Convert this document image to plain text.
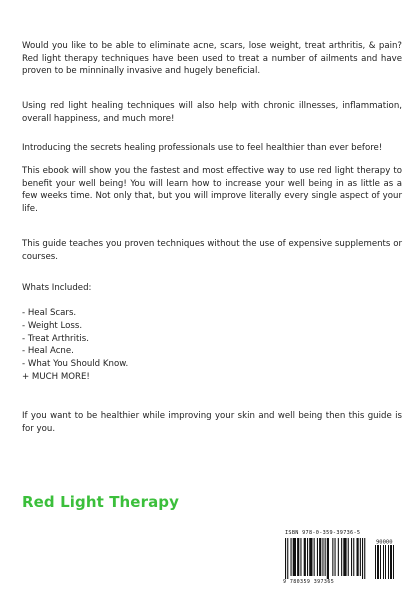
Would you like to be able to eliminate acne, scars, lose weight, treat arthritis, & pain? Red light therapy techniques have been used to treat a number of ailments and have proven to be minninally invasive and hugely beneficial.

Using red light healing techniques will also help with chronic illnesses, inflammation, overall happiness, and much more!

Introducing the secrets healing professionals use to feel healthier than ever before!

This ebook will show you the fastest and most effective way to use red light therapy to benefit your well being! You will learn how to increase your well being in as little as a few weeks time. Not only that, but you will improve literally every single aspect of your life.

This guide teaches you proven techniques without the use of expensive supplements or courses.

Whats Included:

- Heal Scars.
- Weight Loss.
- Treat Arthritis.
- Heal Acne.
- What You Should Know.
+ MUCH MORE!

If you want to be healthier while improving your skin and well being then this guide is for you.

Red Light Therapy
ISBN 978-0-359-39736-5
90000
9 780359 397365
